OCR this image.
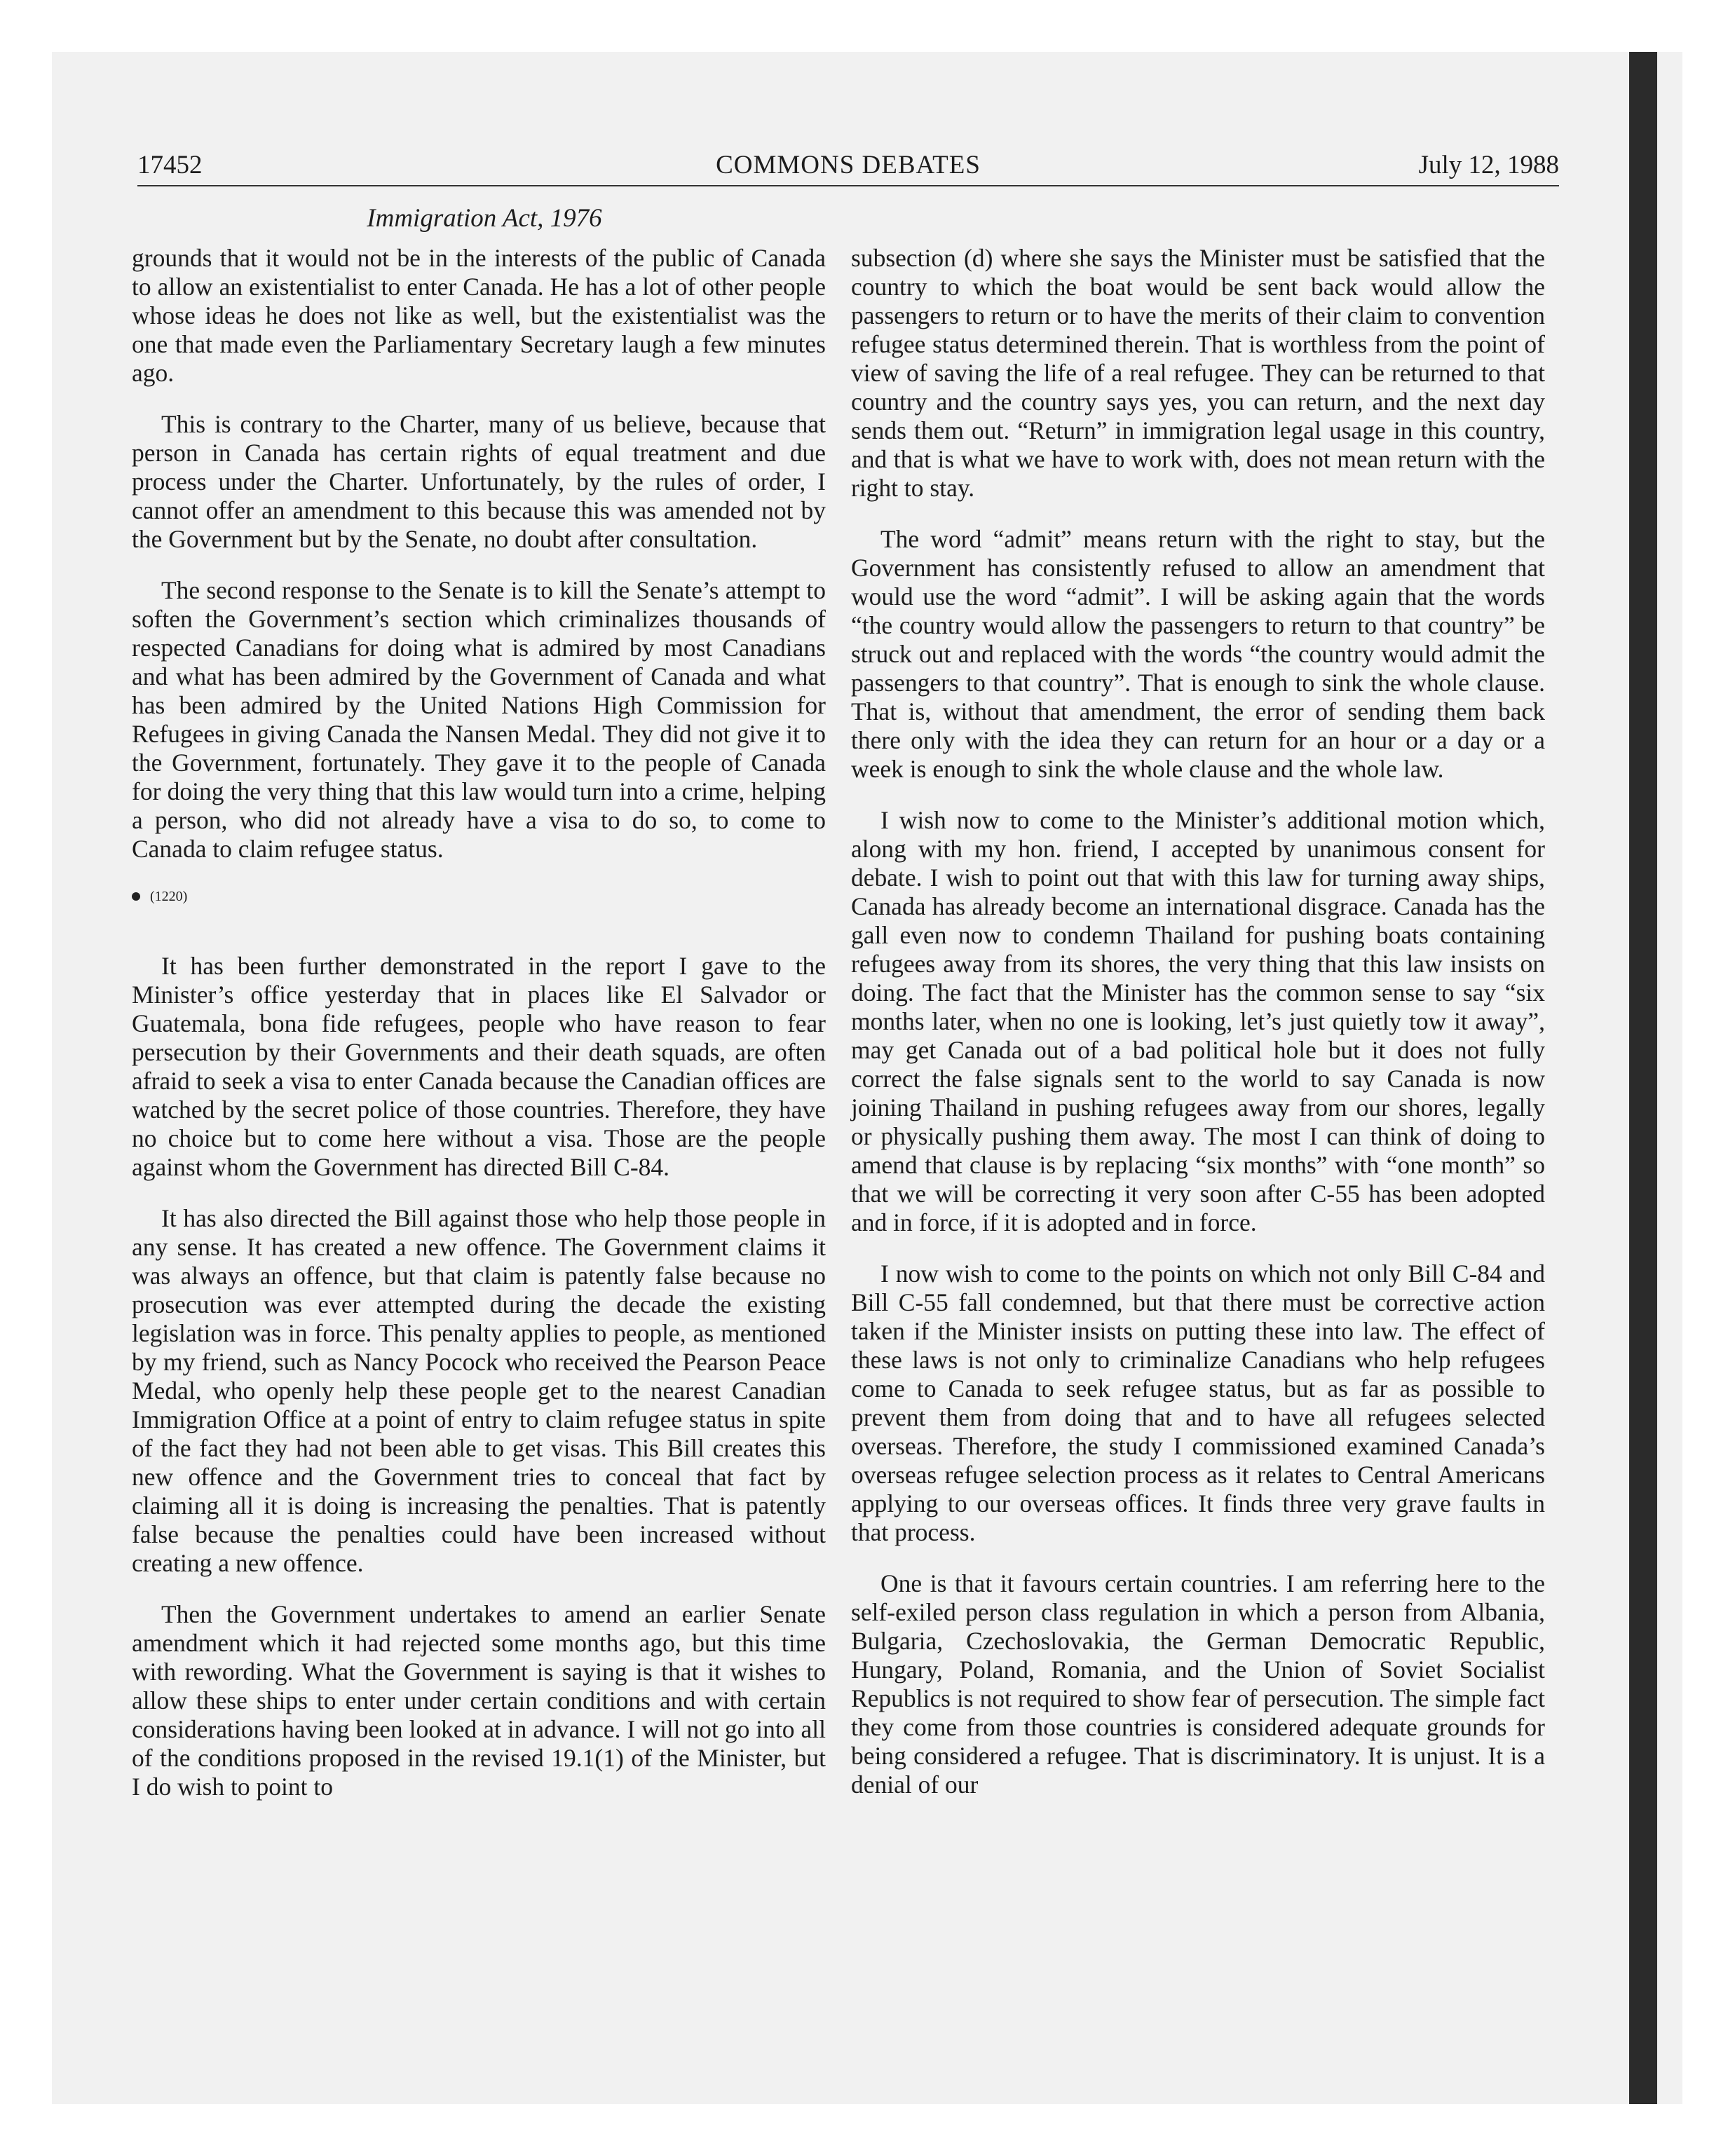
17452	COMMONS DEBATES	July 12, 1988
Immigration Act, 1976

grounds that it would not be in the interests of the public of Canada to allow an existentialist to enter Canada. He has a lot of other people whose ideas he does not like as well, but the existentialist was the one that made even the Parliamentary Secretary laugh a few minutes ago.

This is contrary to the Charter, many of us believe, because that person in Canada has certain rights of equal treatment and due process under the Charter. Unfortunately, by the rules of order, I cannot offer an amendment to this because this was amended not by the Government but by the Senate, no doubt after consultation.

The second response to the Senate is to kill the Senate’s attempt to soften the Government’s section which criminalizes thousands of respected Canadians for doing what is admired by most Canadians and what has been admired by the Government of Canada and what has been admired by the United Nations High Commission for Refugees in giving Canada the Nansen Medal. They did not give it to the Government, fortunately. They gave it to the people of Canada for doing the very thing that this law would turn into a crime, helping a person, who did not already have a visa to do so, to come to Canada to claim refugee status.

(1220)

It has been further demonstrated in the report I gave to the Minister’s office yesterday that in places like El Salvador or Guatemala, bona fide refugees, people who have reason to fear persecution by their Governments and their death squads, are often afraid to seek a visa to enter Canada because the Canadian offices are watched by the secret police of those countries. Therefore, they have no choice but to come here without a visa. Those are the people against whom the Government has directed Bill C-84.

It has also directed the Bill against those who help those people in any sense. It has created a new offence. The Government claims it was always an offence, but that claim is patently false because no prosecution was ever attempted during the decade the existing legislation was in force. This penalty applies to people, as mentioned by my friend, such as Nancy Pocock who received the Pearson Peace Medal, who openly help these people get to the nearest Canadian Immigration Office at a point of entry to claim refugee status in spite of the fact they had not been able to get visas. This Bill creates this new offence and the Government tries to conceal that fact by claiming all it is doing is increasing the penalties. That is patently false because the penalties could have been increased without creating a new offence.

Then the Government undertakes to amend an earlier Senate amendment which it had rejected some months ago, but this time with rewording. What the Government is saying is that it wishes to allow these ships to enter under certain conditions and with certain considerations having been looked at in advance. I will not go into all of the conditions proposed in the revised 19.1(1) of the Minister, but I do wish to point to

subsection (d) where she says the Minister must be satisfied that the country to which the boat would be sent back would allow the passengers to return or to have the merits of their claim to convention refugee status determined therein. That is worthless from the point of view of saving the life of a real refugee. They can be returned to that country and the country says yes, you can return, and the next day sends them out. “Return” in immigration legal usage in this country, and that is what we have to work with, does not mean return with the right to stay.

The word “admit” means return with the right to stay, but the Government has consistently refused to allow an amendment that would use the word “admit”. I will be asking again that the words “the country would allow the passengers to return to that country” be struck out and replaced with the words “the country would admit the passengers to that country”. That is enough to sink the whole clause. That is, without that amendment, the error of sending them back there only with the idea they can return for an hour or a day or a week is enough to sink the whole clause and the whole law.

I wish now to come to the Minister’s additional motion which, along with my hon. friend, I accepted by unanimous consent for debate. I wish to point out that with this law for turning away ships, Canada has already become an international disgrace. Canada has the gall even now to condemn Thailand for pushing boats containing refugees away from its shores, the very thing that this law insists on doing. The fact that the Minister has the common sense to say “six months later, when no one is looking, let’s just quietly tow it away”, may get Canada out of a bad political hole but it does not fully correct the false signals sent to the world to say Canada is now joining Thailand in pushing refugees away from our shores, legally or physically pushing them away. The most I can think of doing to amend that clause is by replacing “six months” with “one month” so that we will be correcting it very soon after C-55 has been adopted and in force, if it is adopted and in force.

I now wish to come to the points on which not only Bill C-84 and Bill C-55 fall condemned, but that there must be corrective action taken if the Minister insists on putting these into law. The effect of these laws is not only to criminalize Canadians who help refugees come to Canada to seek refugee status, but as far as possible to prevent them from doing that and to have all refugees selected overseas. Therefore, the study I commissioned examined Canada’s overseas refugee selection process as it relates to Central Americans applying to our overseas offices. It finds three very grave faults in that process.

One is that it favours certain countries. I am referring here to the self-exiled person class regulation in which a person from Albania, Bulgaria, Czechoslovakia, the German Democratic Republic, Hungary, Poland, Romania, and the Union of Soviet Socialist Republics is not required to show fear of persecution. The simple fact they come from those countries is considered adequate grounds for being considered a refugee. That is discriminatory. It is unjust. It is a denial of our
